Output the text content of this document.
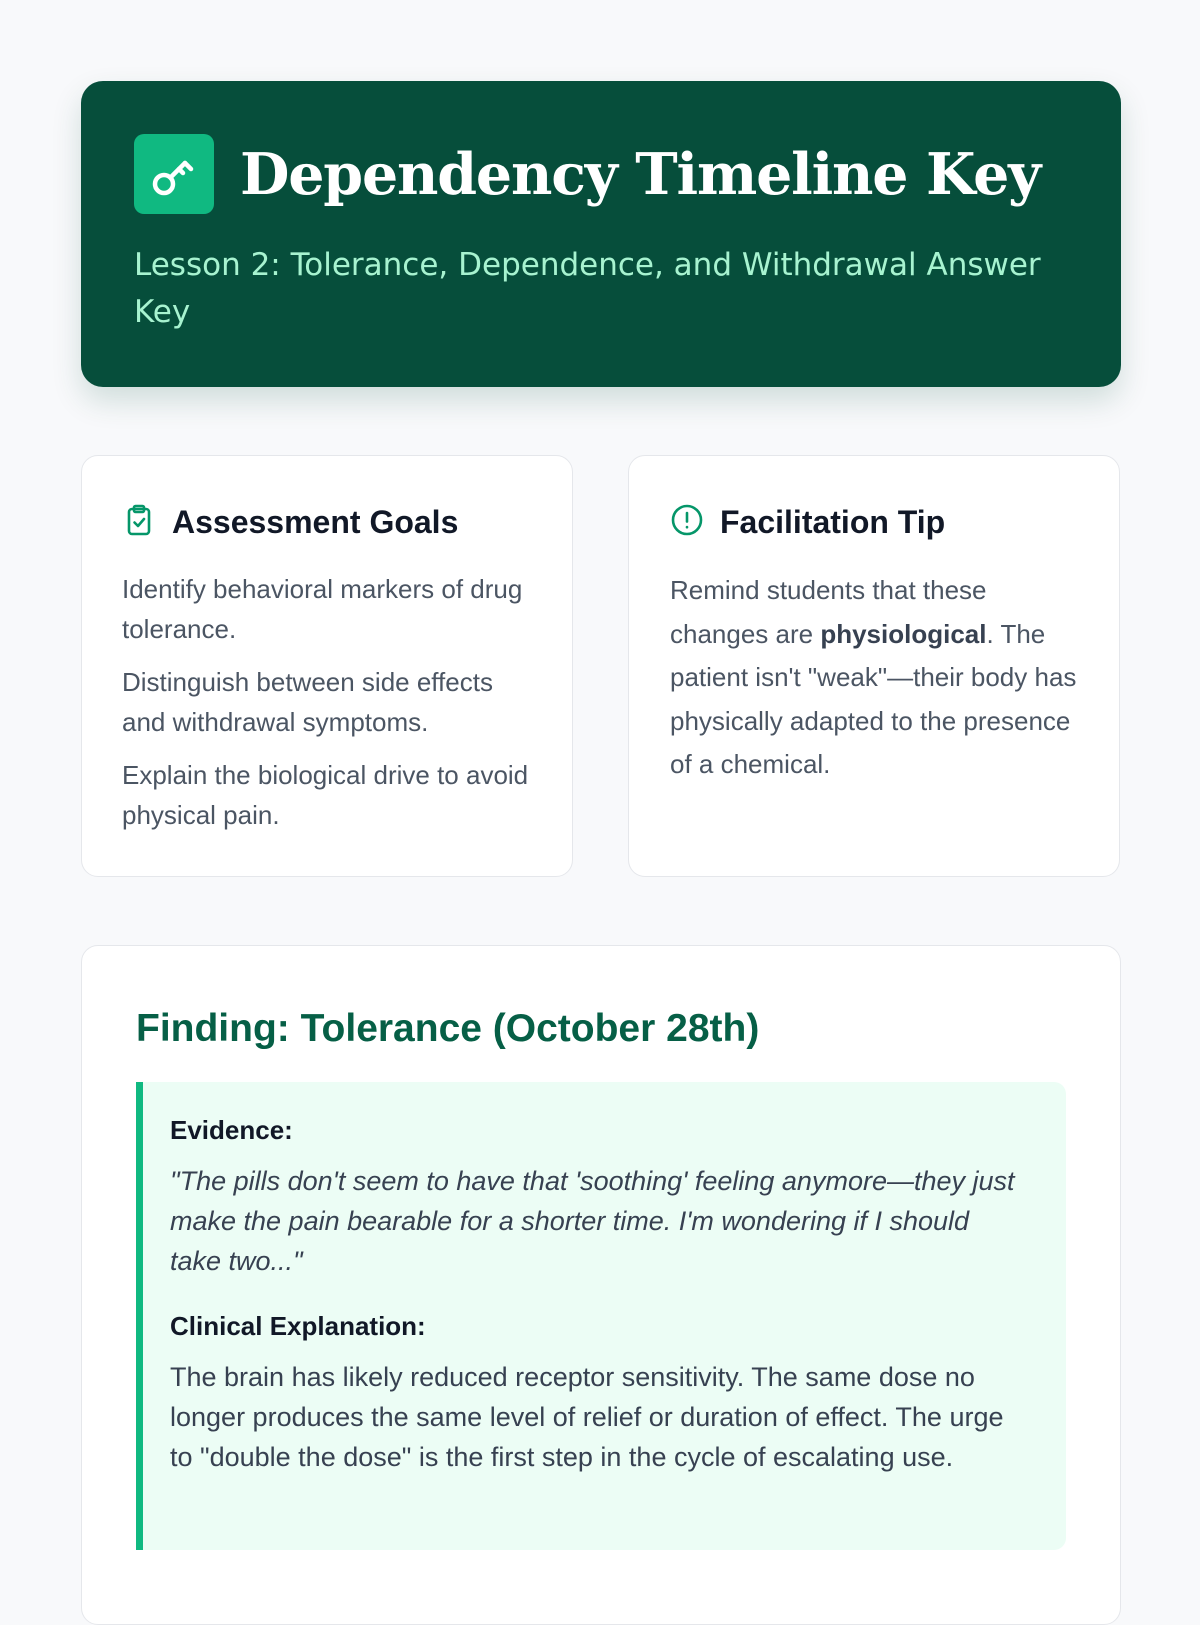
Dependency Timeline Key

Lesson 2: Tolerance, Dependence, and Withdrawal Answer Key

Assessment Goals

Identify behavioral markers of drug tolerance.

Distinguish between side effects and withdrawal symptoms.

Explain the biological drive to avoid physical pain.

Facilitation Tip

Remind students that these changes are physiological. The patient isn't "weak"—their body has physically adapted to the presence of a chemical.

Finding: Tolerance (October 28th)

Evidence:

"The pills don't seem to have that 'soothing' feeling anymore—they just make the pain bearable for a shorter time. I'm wondering if I should take two..."

Clinical Explanation:

The brain has likely reduced receptor sensitivity. The same dose no longer produces the same level of relief or duration of effect. The urge to "double the dose" is the first step in the cycle of escalating use.
